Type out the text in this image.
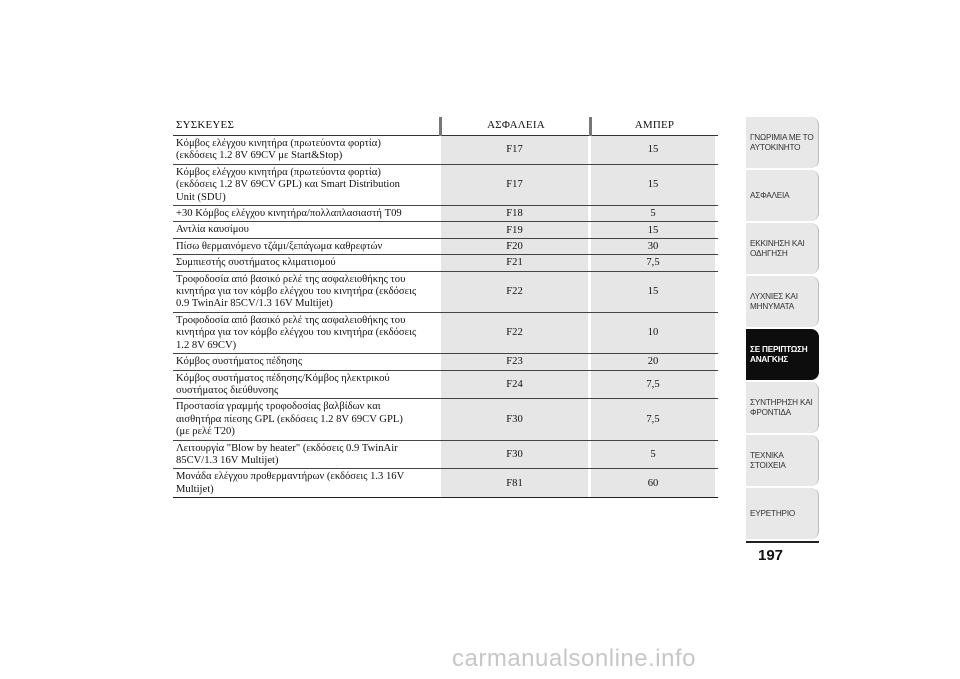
ΣΥΣΚΕΥΕΣ	ΑΣΦΑΛΕΙΑ	ΑΜΠΕΡ
Κόμβος ελέγχου κινητήρα (πρωτεύοντα φορτία)
(εκδόσεις 1.2 8V 69CV με Start&Stop)
F17	15
Κόμβος ελέγχου κινητήρα (πρωτεύοντα φορτία)
(εκδόσεις 1.2 8V 69CV GPL) και Smart Distribution
Unit (SDU)
F17	15
+30 Κόμβος ελέγχου κινητήρα/πολλαπλασιαστή T09	F18	5
Αντλία καυσίμου	F19	15
Πίσω θερμαινόμενο τζάμι/ξεπάγωμα καθρεφτών	F20	30
Συμπιεστής συστήματος κλιματισμού	F21	7,5
Τροφοδοσία από βασικό ρελέ της ασφαλειοθήκης του
κινητήρα για τον κόμβο ελέγχου του κινητήρα (εκδόσεις
0.9 TwinAir 85CV/1.3 16V Multijet)
F22	15
Τροφοδοσία από βασικό ρελέ της ασφαλειοθήκης του
κινητήρα για τον κόμβο ελέγχου του κινητήρα (εκδόσεις
1.2 8V 69CV)
F22	10
Κόμβος συστήματος πέδησης	F23	20
Κόμβος συστήματος πέδησης/Κόμβος ηλεκτρικού
συστήματος διεύθυνσης
F24	7,5
Προστασία γραμμής τροφοδοσίας βαλβίδων και
αισθητήρα πίεσης GPL (εκδόσεις 1.2 8V 69CV GPL)
(με ρελέ T20)
F30	7,5
Λειτουργία "Blow by heater" (εκδόσεις 0.9 TwinAir
85CV/1.3 16V Multijet)
F30	5
Μονάδα ελέγχου προθερμαντήρων (εκδόσεις 1.3 16V
Multijet)
F81	60
ΓΝΩΡΙΜΙΑ ΜΕ ΤΟ
ΑΥΤΟΚΙΝΗΤΟ
ΑΣΦΑΛΕΙΑ
ΕΚΚΙΝΗΣΗ ΚΑΙ
ΟΔΗΓΗΣΗ
ΛΥΧΝΙΕΣ ΚΑΙ
ΜΗΝΥΜΑΤΑ
ΣΕ ΠΕΡΙΠΤΩΣΗ
ΑΝΑΓΚΗΣ
ΣΥΝΤΗΡΗΣΗ ΚΑΙ
ΦΡΟΝΤΙΔΑ
ΤΕΧΝΙΚΑ ΣΤΟΙΧΕΙΑ
ΕΥΡΕΤΗΡΙΟ
197
carmanualsonline.info
